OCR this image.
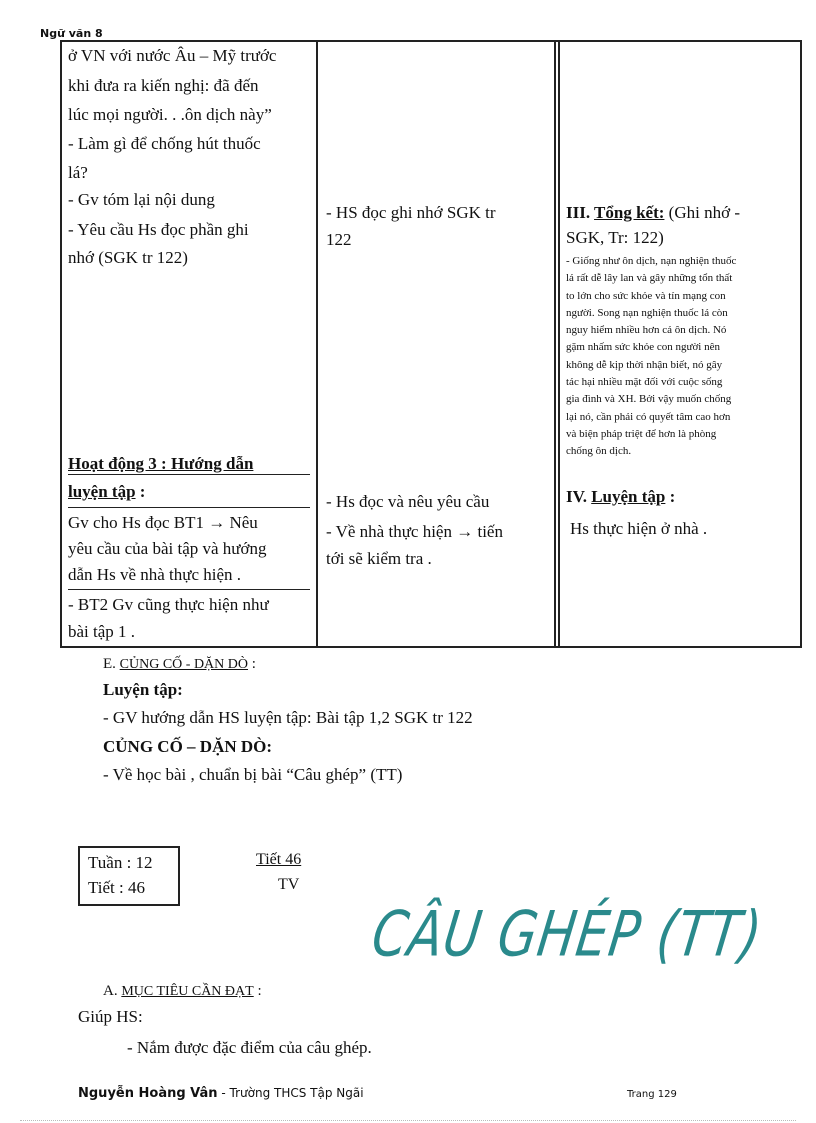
Ngữ văn 8
ở VN với nước Âu – Mỹ trước
khi đưa ra kiến nghị: đã đến
lúc mọi người. . .ôn dịch này”
- Làm gì để chống hút thuốc
lá?
- Gv tóm lại nội dung
- Yêu cầu Hs đọc phần ghi
nhớ (SGK tr 122)
Hoạt động 3 : Hướng dẫn
luyện tập :
Gv cho Hs đọc BT1 → Nêu
yêu cầu của bài tập và hướng
dẫn Hs về nhà thực hiện .
- BT2 Gv cũng thực hiện như
bài tập 1 .
- HS đọc ghi nhớ SGK tr
122
- Hs đọc và nêu yêu cầu
- Về nhà thực hiện → tiến
tới sẽ kiểm tra .
III. Tổng kết: (Ghi nhớ -
SGK, Tr: 122)
- Giống như ôn dịch, nạn nghiện thuốc
lá rất dễ lây lan và gây những tổn thất
to lớn cho sức khỏe và tín mạng con
người. Song nạn nghiện thuốc lá còn
nguy hiểm nhiều hơn cả ôn dịch. Nó
gặm nhấm sức khỏe con người nên
không dễ kịp thời nhận biết, nó gây
tác hại nhiều mặt đối với cuộc sống
gia đình và XH. Bởi vậy muốn chống
lại nó, cần phải có quyết tâm cao hơn
và biện pháp triệt để hơn là phòng
chống ôn dịch.
IV. Luyện tập :
Hs thực hiện ở nhà .
E. CỦNG CỐ - DẶN DÒ :
Luyện tập:
- GV hướng dẫn HS luyện tập: Bài tập 1,2 SGK tr 122
CỦNG CỐ – DẶN DÒ:
- Về học bài , chuẩn bị bài “Câu ghép” (TT)
Tuần : 12
Tiết : 46
Tiết 46
TV
CÂU GHÉP (TT)
A. MỤC TIÊU CẦN ĐẠT :
Giúp HS:
- Nắm được đặc điểm của câu ghép.
Nguyễn Hoàng Vân - Trường THCS Tập Ngãi	Trang 129
